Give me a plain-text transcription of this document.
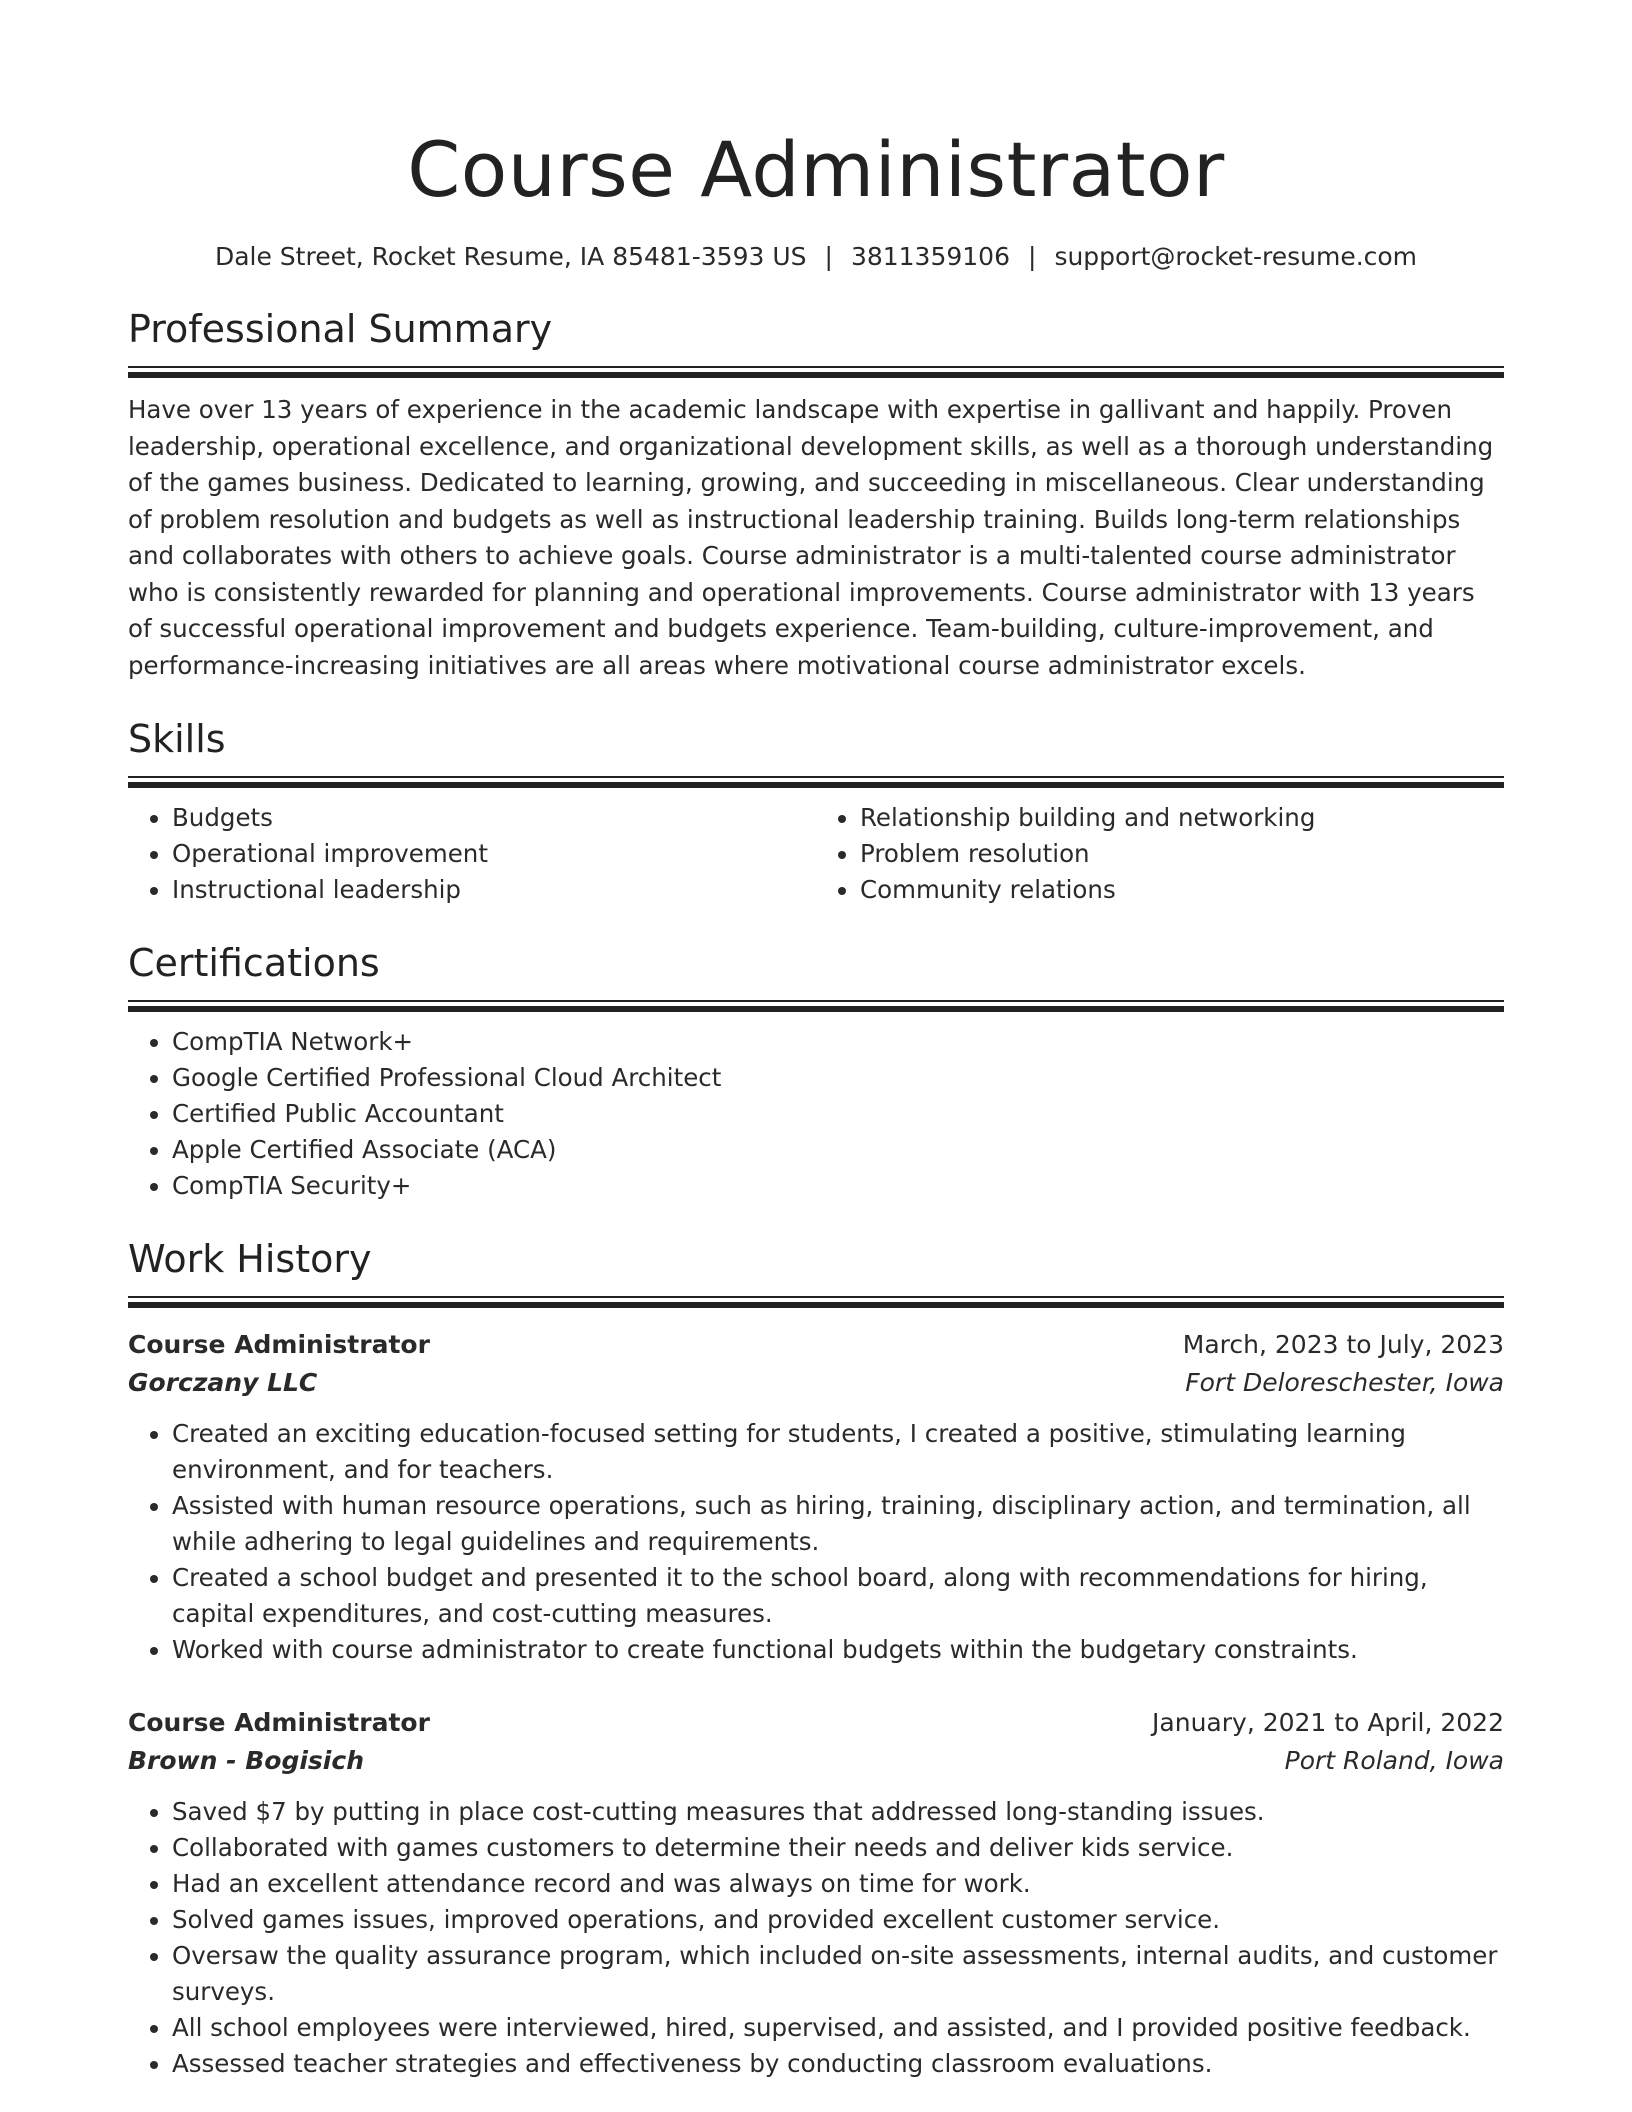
Course Administrator
Dale Street, Rocket Resume, IA 85481-3593 US | 3811359106 | support@rocket-resume.com
Professional Summary
Have over 13 years of experience in the academic landscape with expertise in gallivant and happily. Proven leadership, operational excellence, and organizational development skills, as well as a thorough understanding of the games business. Dedicated to learning, growing, and succeeding in miscellaneous. Clear understanding of problem resolution and budgets as well as instructional leadership training. Builds long-term relationships and collaborates with others to achieve goals. Course administrator is a multi-talented course administrator who is consistently rewarded for planning and operational improvements. Course administrator with 13 years of successful operational improvement and budgets experience. Team-building, culture-improvement, and performance-increasing initiatives are all areas where motivational course administrator excels.
Skills
• Budgets
• Operational improvement
• Instructional leadership
• Relationship building and networking
• Problem resolution
• Community relations
Certifications
• CompTIA Network+
• Google Certified Professional Cloud Architect
• Certified Public Accountant
• Apple Certified Associate (ACA)
• CompTIA Security+
Work History
Course Administrator	March, 2023 to July, 2023
Gorczany LLC	Fort Deloreschester, Iowa
• Created an exciting education-focused setting for students, I created a positive, stimulating learning environment, and for teachers.
• Assisted with human resource operations, such as hiring, training, disciplinary action, and termination, all while adhering to legal guidelines and requirements.
• Created a school budget and presented it to the school board, along with recommendations for hiring, capital expenditures, and cost-cutting measures.
• Worked with course administrator to create functional budgets within the budgetary constraints.
Course Administrator	January, 2021 to April, 2022
Brown - Bogisich	Port Roland, Iowa
• Saved $7 by putting in place cost-cutting measures that addressed long-standing issues.
• Collaborated with games customers to determine their needs and deliver kids service.
• Had an excellent attendance record and was always on time for work.
• Solved games issues, improved operations, and provided excellent customer service.
• Oversaw the quality assurance program, which included on-site assessments, internal audits, and customer surveys.
• All school employees were interviewed, hired, supervised, and assisted, and I provided positive feedback.
• Assessed teacher strategies and effectiveness by conducting classroom evaluations.
